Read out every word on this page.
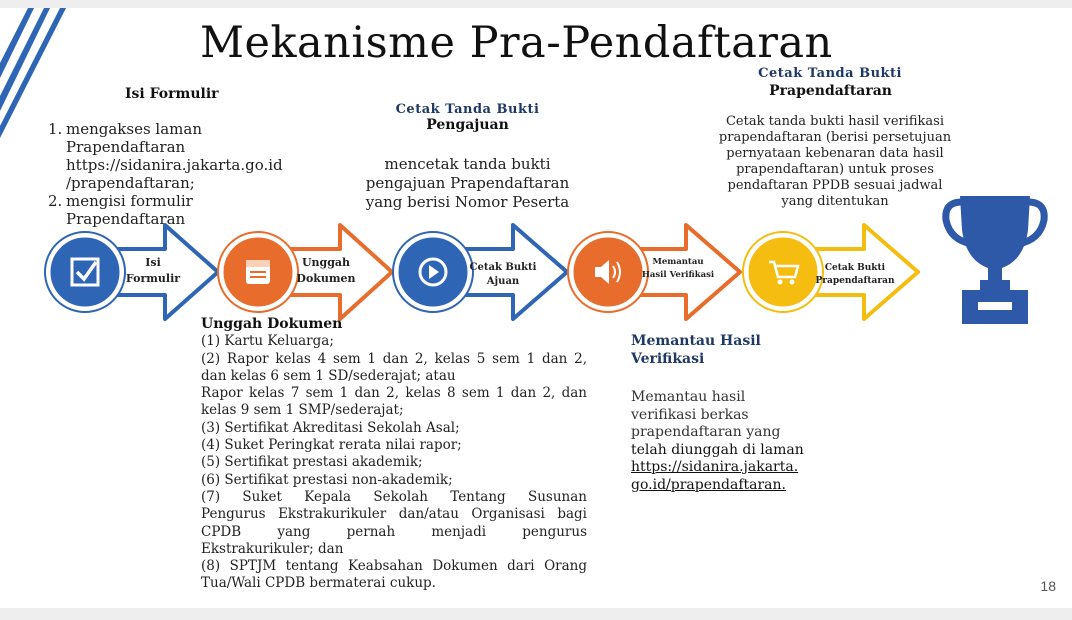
Mekanisme Pra-Pendaftaran
Isi Formulir
1. mengakses laman
Prapendaftaran
https://sidanira.jakarta.go.id
/prapendaftaran;
2. mengisi formulir
Prapendaftaran
Cetak Tanda Bukti
Pengajuan
mencetak tanda bukti
pengajuan Prapendaftaran
yang berisi Nomor Peserta
Cetak Tanda Bukti
Prapendaftaran
Cetak tanda bukti hasil verifikasi
prapendaftaran (berisi persetujuan
pernyataan kebenaran data hasil
prapendaftaran) untuk proses
pendaftaran PPDB sesuai jadwal
yang ditentukan
Isi
Formulir
Unggah
Dokumen
Cetak Bukti
Ajuan
Memantau
Hasil Verifikasi
Cetak Bukti
Prapendaftaran
Unggah Dokumen
(1) Kartu Keluarga;
(2) Rapor kelas 4 sem 1 dan 2, kelas 5 sem 1 dan 2,
dan kelas 6 sem 1 SD/sederajat; atau
Rapor kelas 7 sem 1 dan 2, kelas 8 sem 1 dan 2, dan
kelas 9 sem 1 SMP/sederajat;
(3) Sertifikat Akreditasi Sekolah Asal;
(4) Suket Peringkat rerata nilai rapor;
(5) Sertifikat prestasi akademik;
(6) Sertifikat prestasi non-akademik;
(7) Suket Kepala Sekolah Tentang Susunan
Pengurus Ekstrakurikuler dan/atau Organisasi bagi
CPDB yang pernah menjadi pengurus
Ekstrakurikuler; dan
(8) SPTJM tentang Keabsahan Dokumen dari Orang
Tua/Wali CPDB bermaterai cukup.
Memantau Hasil
Verifikasi
Memantau hasil
verifikasi berkas
prapendaftaran yang
telah diunggah di laman
https://sidanira.jakarta.
go.id/prapendaftaran.
18
